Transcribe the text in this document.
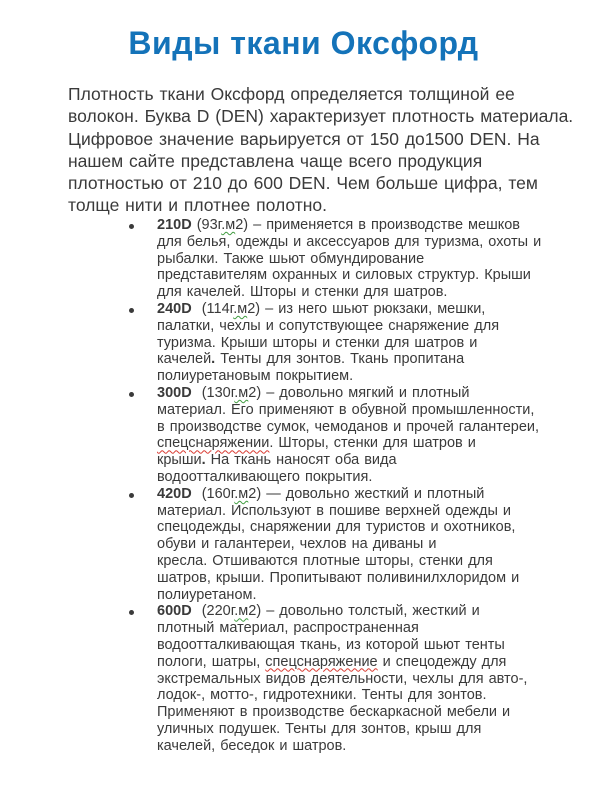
Виды ткани Оксфорд
Плотность ткани Оксфорд определяется толщиной ее
волокон. Буква D (DEN) характеризует плотность материала.
Цифровое значение варьируется от 150 до1500 DEN. На
нашем сайте представлена чаще всего продукция
плотностью от 210 до 600 DEN. Чем больше цифра, тем
толще нити и плотнее полотно.
210D (93г.м2) – применяется в производстве мешков
для белья, одежды и аксессуаров для туризма, охоты и
рыбалки. Также шьют обмундирование
представителям охранных и силовых структур. Крыши
для качелей. Шторы и стенки для шатров.
240D  (114г.м2) – из него шьют рюкзаки, мешки,
палатки, чехлы и сопутствующее снаряжение для
туризма. Крыши шторы и стенки для шатров и
качелей. Тенты для зонтов. Ткань пропитана
полиуретановым покрытием.
300D  (130г.м2) – довольно мягкий и плотный
материал. Его применяют в обувной промышленности,
в производстве сумок, чемоданов и прочей галантереи,
спецснаряжении. Шторы, стенки для шатров и
крыши. На ткань наносят оба вида
водоотталкивающего покрытия.
420D  (160г.м2) — довольно жесткий и плотный
материал. Используют в пошиве верхней одежды и
спецодежды, снаряжении для туристов и охотников,
обуви и галантереи, чехлов на диваны и
кресла. Отшиваются плотные шторы, стенки для
шатров, крыши. Пропитывают поливинилхлоридом и
полиуретаном.
600D  (220г.м2) – довольно толстый, жесткий и
плотный материал, распространенная
водоотталкивающая ткань, из которой шьют тенты
пологи, шатры, спецснаряжение и спецодежду для
экстремальных видов деятельности, чехлы для авто-,
лодок-, мотто-, гидротехники. Тенты для зонтов.
Применяют в производстве бескаркасной мебели и
уличных подушек. Тенты для зонтов, крыш для
качелей, беседок и шатров.
